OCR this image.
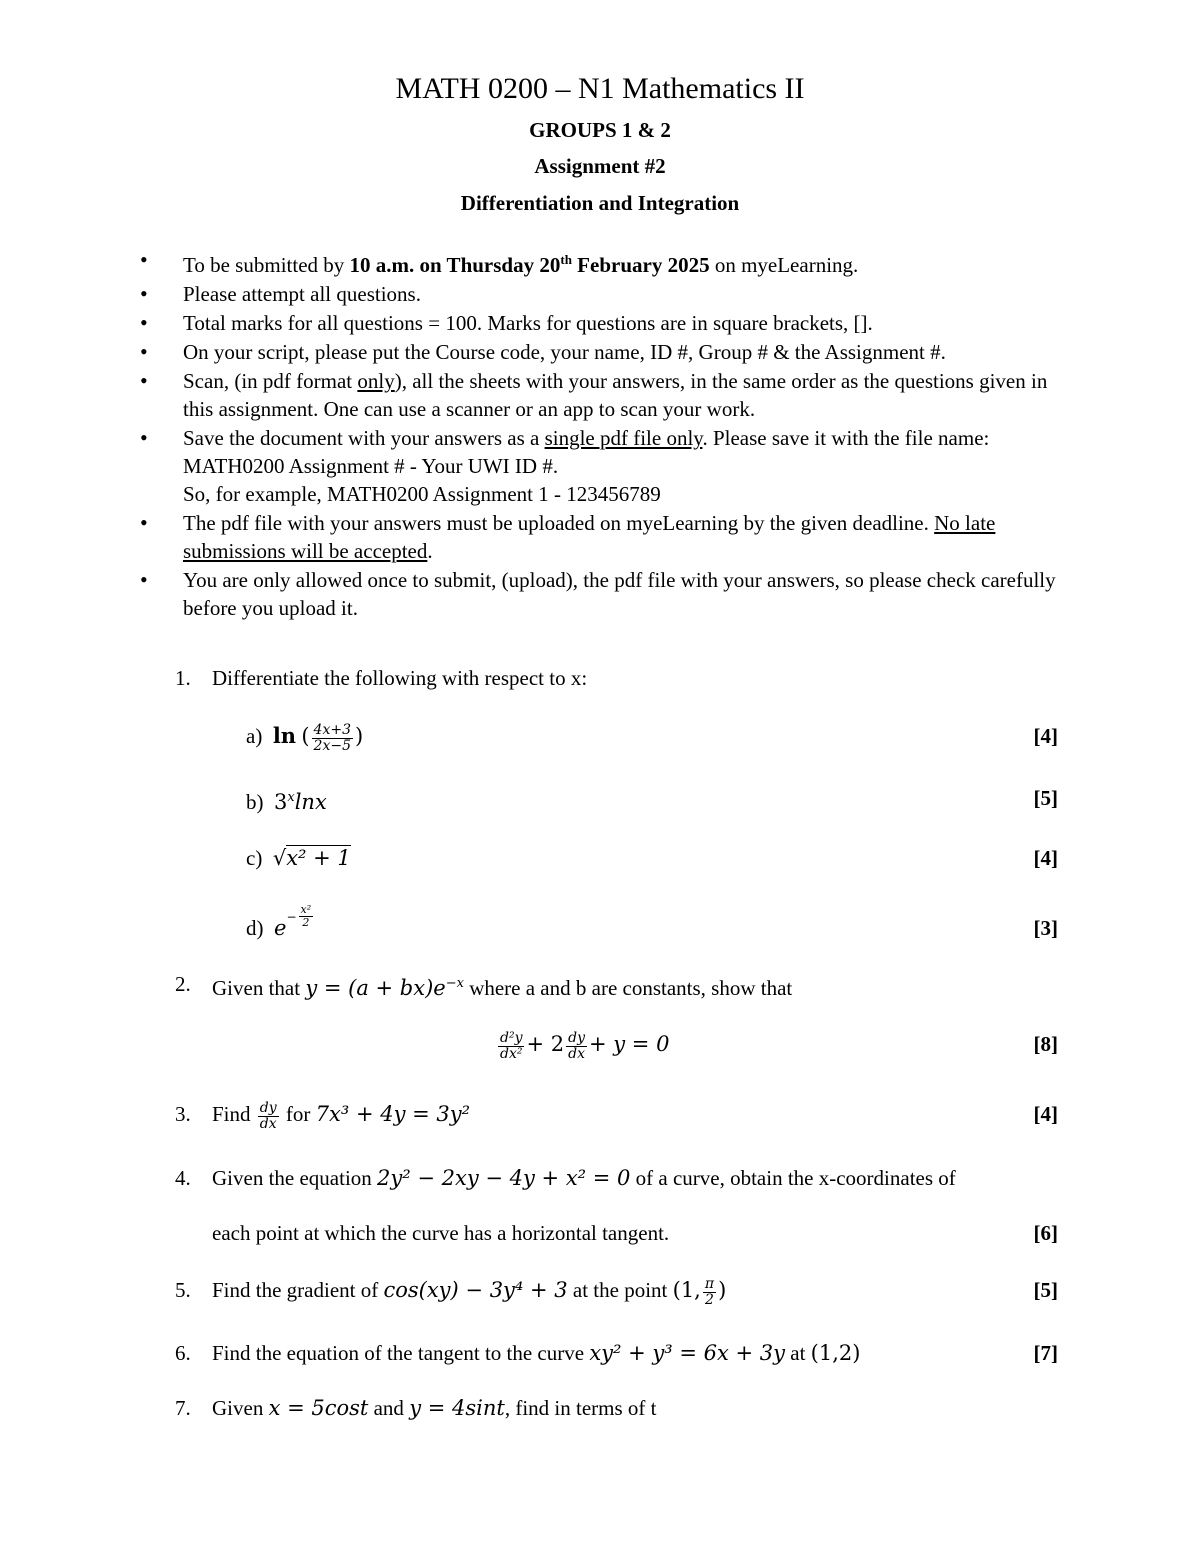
MATH 0200 – N1 Mathematics II
GROUPS 1 & 2
Assignment #2
Differentiation and Integration
• To be submitted by 10 a.m. on Thursday 20th February 2025 on myeLearning.
• Please attempt all questions.
• Total marks for all questions = 100. Marks for questions are in square brackets, [].
• On your script, please put the Course code, your name, ID #, Group # & the Assignment #.
• Scan, (in pdf format only), all the sheets with your answers, in the same order as the questions given in this assignment. One can use a scanner or an app to scan your work.
• Save the document with your answers as a single pdf file only. Please save it with the file name: MATH0200 Assignment # - Your UWI ID #.
So, for example, MATH0200 Assignment 1 - 123456789
• The pdf file with your answers must be uploaded on myeLearning by the given deadline. No late submissions will be accepted.
• You are only allowed once to submit, (upload), the pdf file with your answers, so please check carefully before you upload it.
1. Differentiate the following with respect to x:
a) ln ( $\frac{4x+3}{2x-5}$ )	[4]
b) 3$^x$lnx	[5]
c) √x² + 1	[4]
d) $e^- \frac{\text{x²}}{2}$	[3]
2. Given that $y = (a + bx)e^{-x}$ where a and b are constants, show that
$\frac{\text{d²y}}{\text{dx²}} + 2 \frac{dy}{dx} + y = 0$	[8]
3. Find $\frac{dy}{dx}$ for 7x³ + 4y = 3y²	[4]
4. Given the equation 2y² − 2xy − 4y + x² = 0 of a curve, obtain the x-coordinates of
each point at which the curve has a horizontal tangent.	[6]
5. Find the gradient of cos(xy) − 3y⁴ + 3 at the point (1, $\frac{\pi}{2}$ )	[5]
6. Find the equation of the tangent to the curve xy² + y³ = 6x + 3y at (1,2)	[7]
7. Given x = 5cost and y = 4sint, find in terms of t
